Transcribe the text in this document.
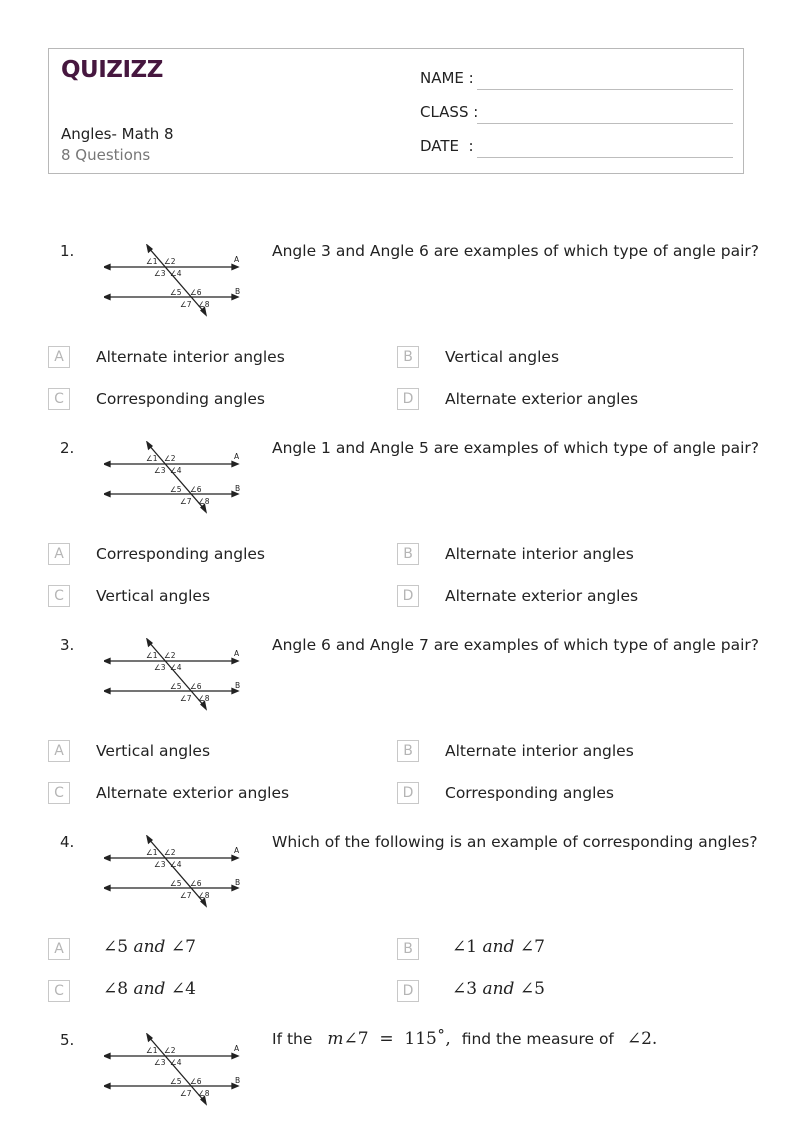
QUIZIZZ
Angles- Math 8
8 Questions
NAME :
CLASS :
DATE  :
1.
∠1 ∠2
∠3 ∠4
∠5 ∠6
∠7 ∠8
A
B
Angle 3 and Angle 6 are examples of which type of angle pair?
A	Alternate interior angles	B	Vertical angles
C	Corresponding angles	D	Alternate exterior angles
2.
∠1 ∠2
∠3 ∠4
∠5 ∠6
∠7 ∠8
A
B
Angle 1 and Angle 5 are examples of which type of angle pair?
A	Corresponding angles	B	Alternate interior angles
C	Vertical angles	D	Alternate exterior angles
3.
∠1 ∠2
∠3 ∠4
∠5 ∠6
∠7 ∠8
A
B
Angle 6 and Angle 7 are examples of which type of angle pair?
A	Vertical angles	B	Alternate interior angles
C	Alternate exterior angles	D	Corresponding angles
4.
∠1 ∠2
∠3 ∠4
∠5 ∠6
∠7 ∠8
A
B
Which of the following is an example of corresponding angles?
A	∠5 and ∠7	B	∠1 and ∠7
C	∠8 and ∠4	D	∠3 and ∠5
5.
∠1 ∠2
∠3 ∠4
∠5 ∠6
∠7 ∠8
A
B
If the m∠7 = 115˚, find the measure of ∠2.
